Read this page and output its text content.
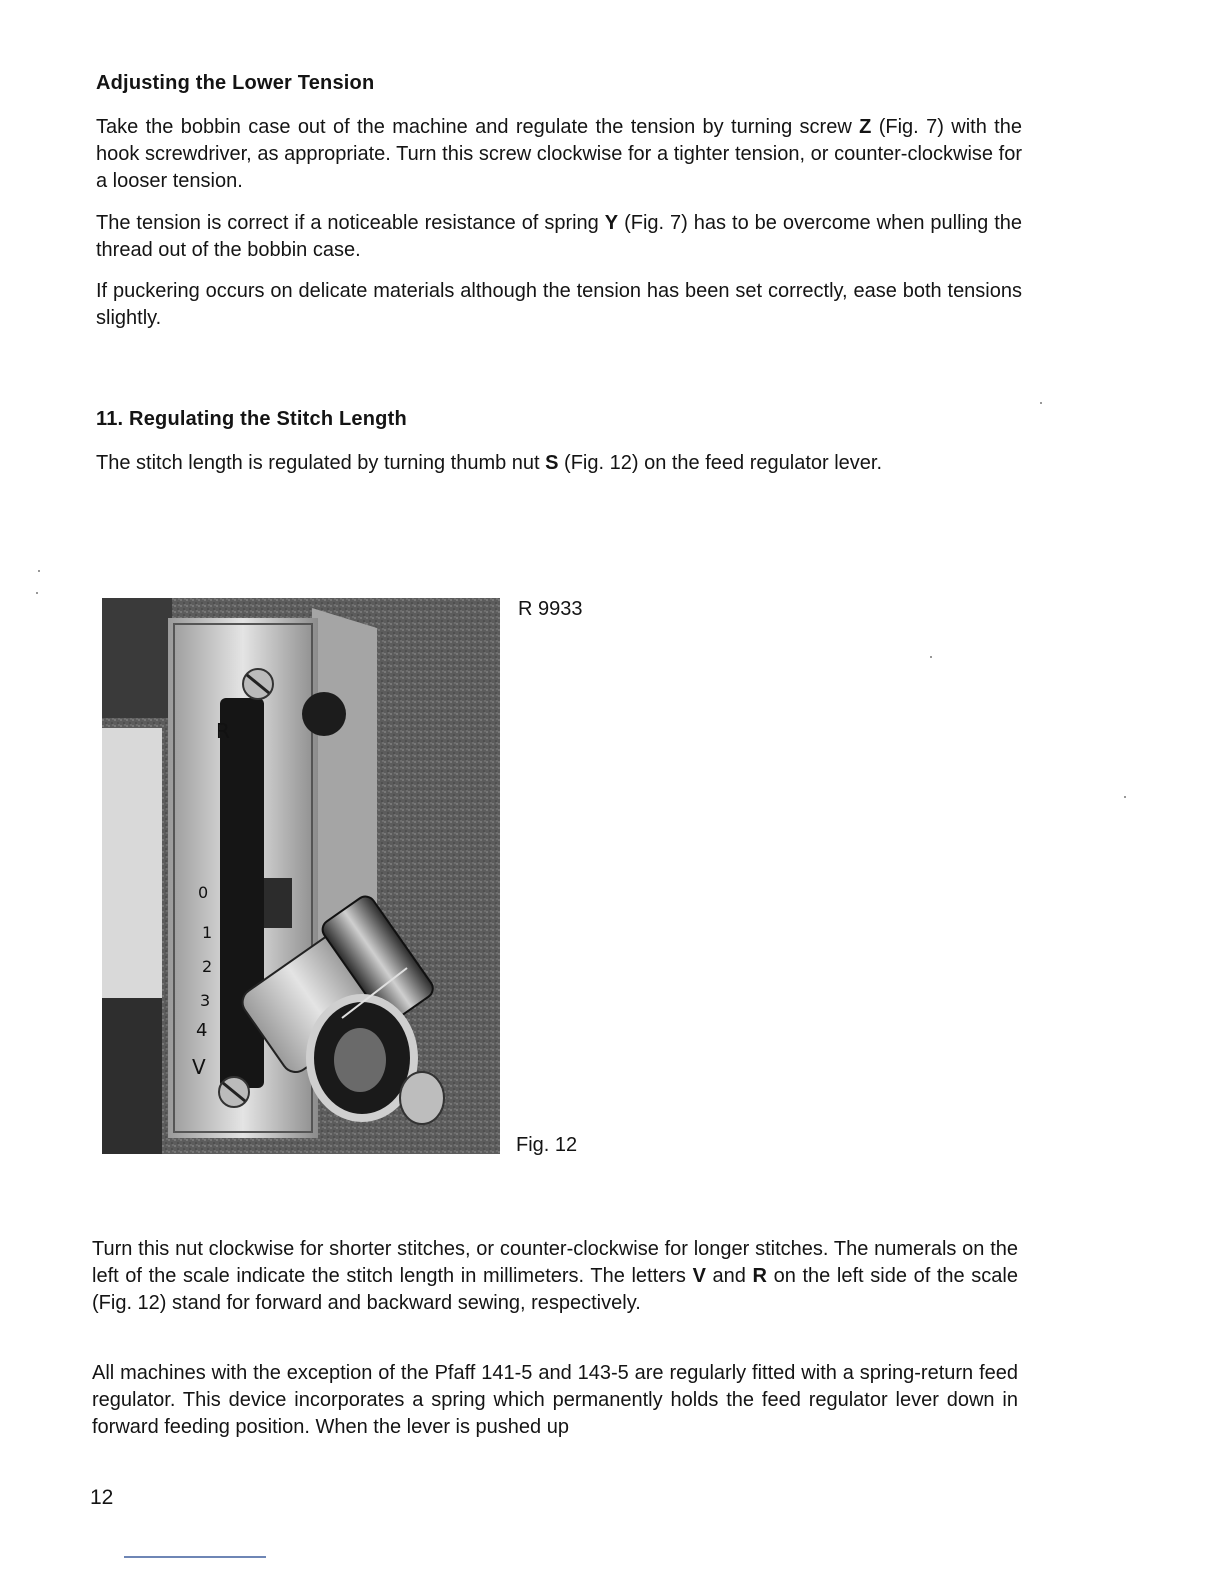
Adjusting the Lower Tension

Take the bobbin case out of the machine and regulate the tension by turning screw Z (Fig. 7) with the hook screwdriver, as appropriate. Turn this screw clockwise for a tighter tension, or counter-clockwise for a looser tension.

The tension is correct if a noticeable resistance of spring Y (Fig. 7) has to be overcome when pulling the thread out of the bobbin case.

If puckering occurs on delicate materials although the tension has been set correctly, ease both tensions slightly.

11. Regulating the Stitch Length

The stitch length is regulated by turning thumb nut S (Fig. 12) on the feed regulator lever.

R
0
1
2
3
4
V

R 9933

Fig. 12

Turn this nut clockwise for shorter stitches, or counter-clockwise for longer stitches. The numerals on the left of the scale indicate the stitch length in millimeters. The letters V and R on the left side of the scale (Fig. 12) stand for forward and backward sewing, respectively.

All machines with the exception of the Pfaff 141-5 and 143-5 are regularly fitted with a spring-return feed regulator. This device incorporates a spring which permanently holds the feed regulator lever down in forward feeding position. When the lever is pushed up

12
